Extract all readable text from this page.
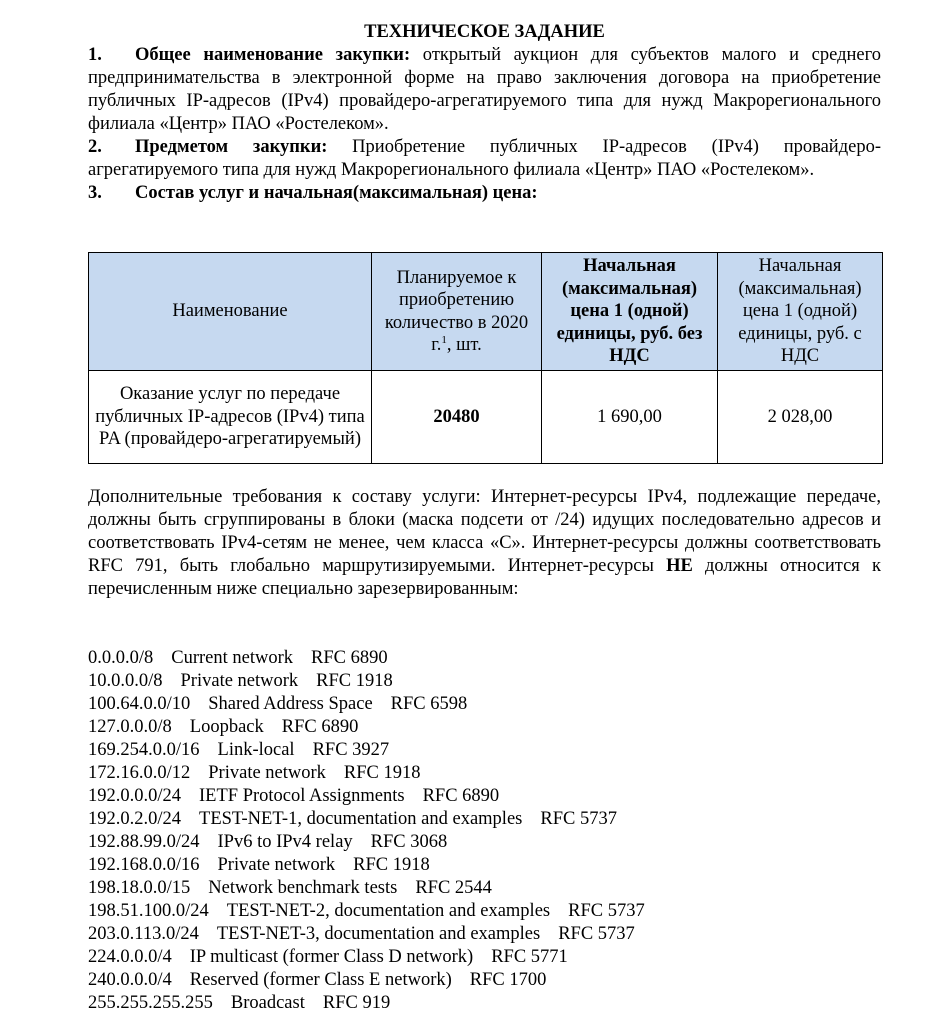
ТЕХНИЧЕСКОЕ ЗАДАНИЕ

1. Общее наименование закупки: открытый аукцион для субъектов малого и среднего предпринимательства в электронной форме на право заключения договора на приобретение публичных IP-адресов (IPv4) провайдеро-агрегатируемого типа для нужд Макрорегионального филиала «Центр» ПАО «Ростелеком».

2. Предметом закупки: Приобретение публичных IP-адресов (IPv4) провайдеро-агрегатируемого типа для нужд Макрорегионального филиала «Центр» ПАО «Ростелеком».

3. Состав услуг и начальная(максимальная) цена:

Наименование	Планируемое к приобретению количество в 2020 г.$^1$, шт.	Начальная (максимальная) цена 1 (одной) единицы, руб. без НДС	Начальная (максимальная) цена 1 (одной) единицы, руб. с НДС
Оказание услуг по передаче публичных IP-адресов (IPv4) типа PA (провайдеро-агрегатируемый)	20480	1 690,00	2 028,00
Дополнительные требования к составу услуги: Интернет-ресурсы IPv4, подлежащие передаче, должны быть сгруппированы в блоки (маска подсети от /24) идущих последовательно адресов и соответствовать IPv4-сетям не менее, чем класса «С». Интернет-ресурсы должны соответствовать RFC 791, быть глобально маршрутизируемыми. Интернет-ресурсы НЕ должны относится к перечисленным ниже специально зарезервированным:
0.0.0.0/8 Current network RFC 6890
10.0.0.0/8 Private network RFC 1918
100.64.0.0/10 Shared Address Space RFC 6598
127.0.0.0/8 Loopback RFC 6890
169.254.0.0/16 Link-local RFC 3927
172.16.0.0/12 Private network RFC 1918
192.0.0.0/24 IETF Protocol Assignments RFC 6890
192.0.2.0/24 TEST-NET-1, documentation and examples RFC 5737
192.88.99.0/24 IPv6 to IPv4 relay RFC 3068
192.168.0.0/16 Private network RFC 1918
198.18.0.0/15 Network benchmark tests RFC 2544
198.51.100.0/24 TEST-NET-2, documentation and examples RFC 5737
203.0.113.0/24 TEST-NET-3, documentation and examples RFC 5737
224.0.0.0/4 IP multicast (former Class D network) RFC 5771
240.0.0.0/4 Reserved (former Class E network) RFC 1700
255.255.255.255 Broadcast RFC 919
